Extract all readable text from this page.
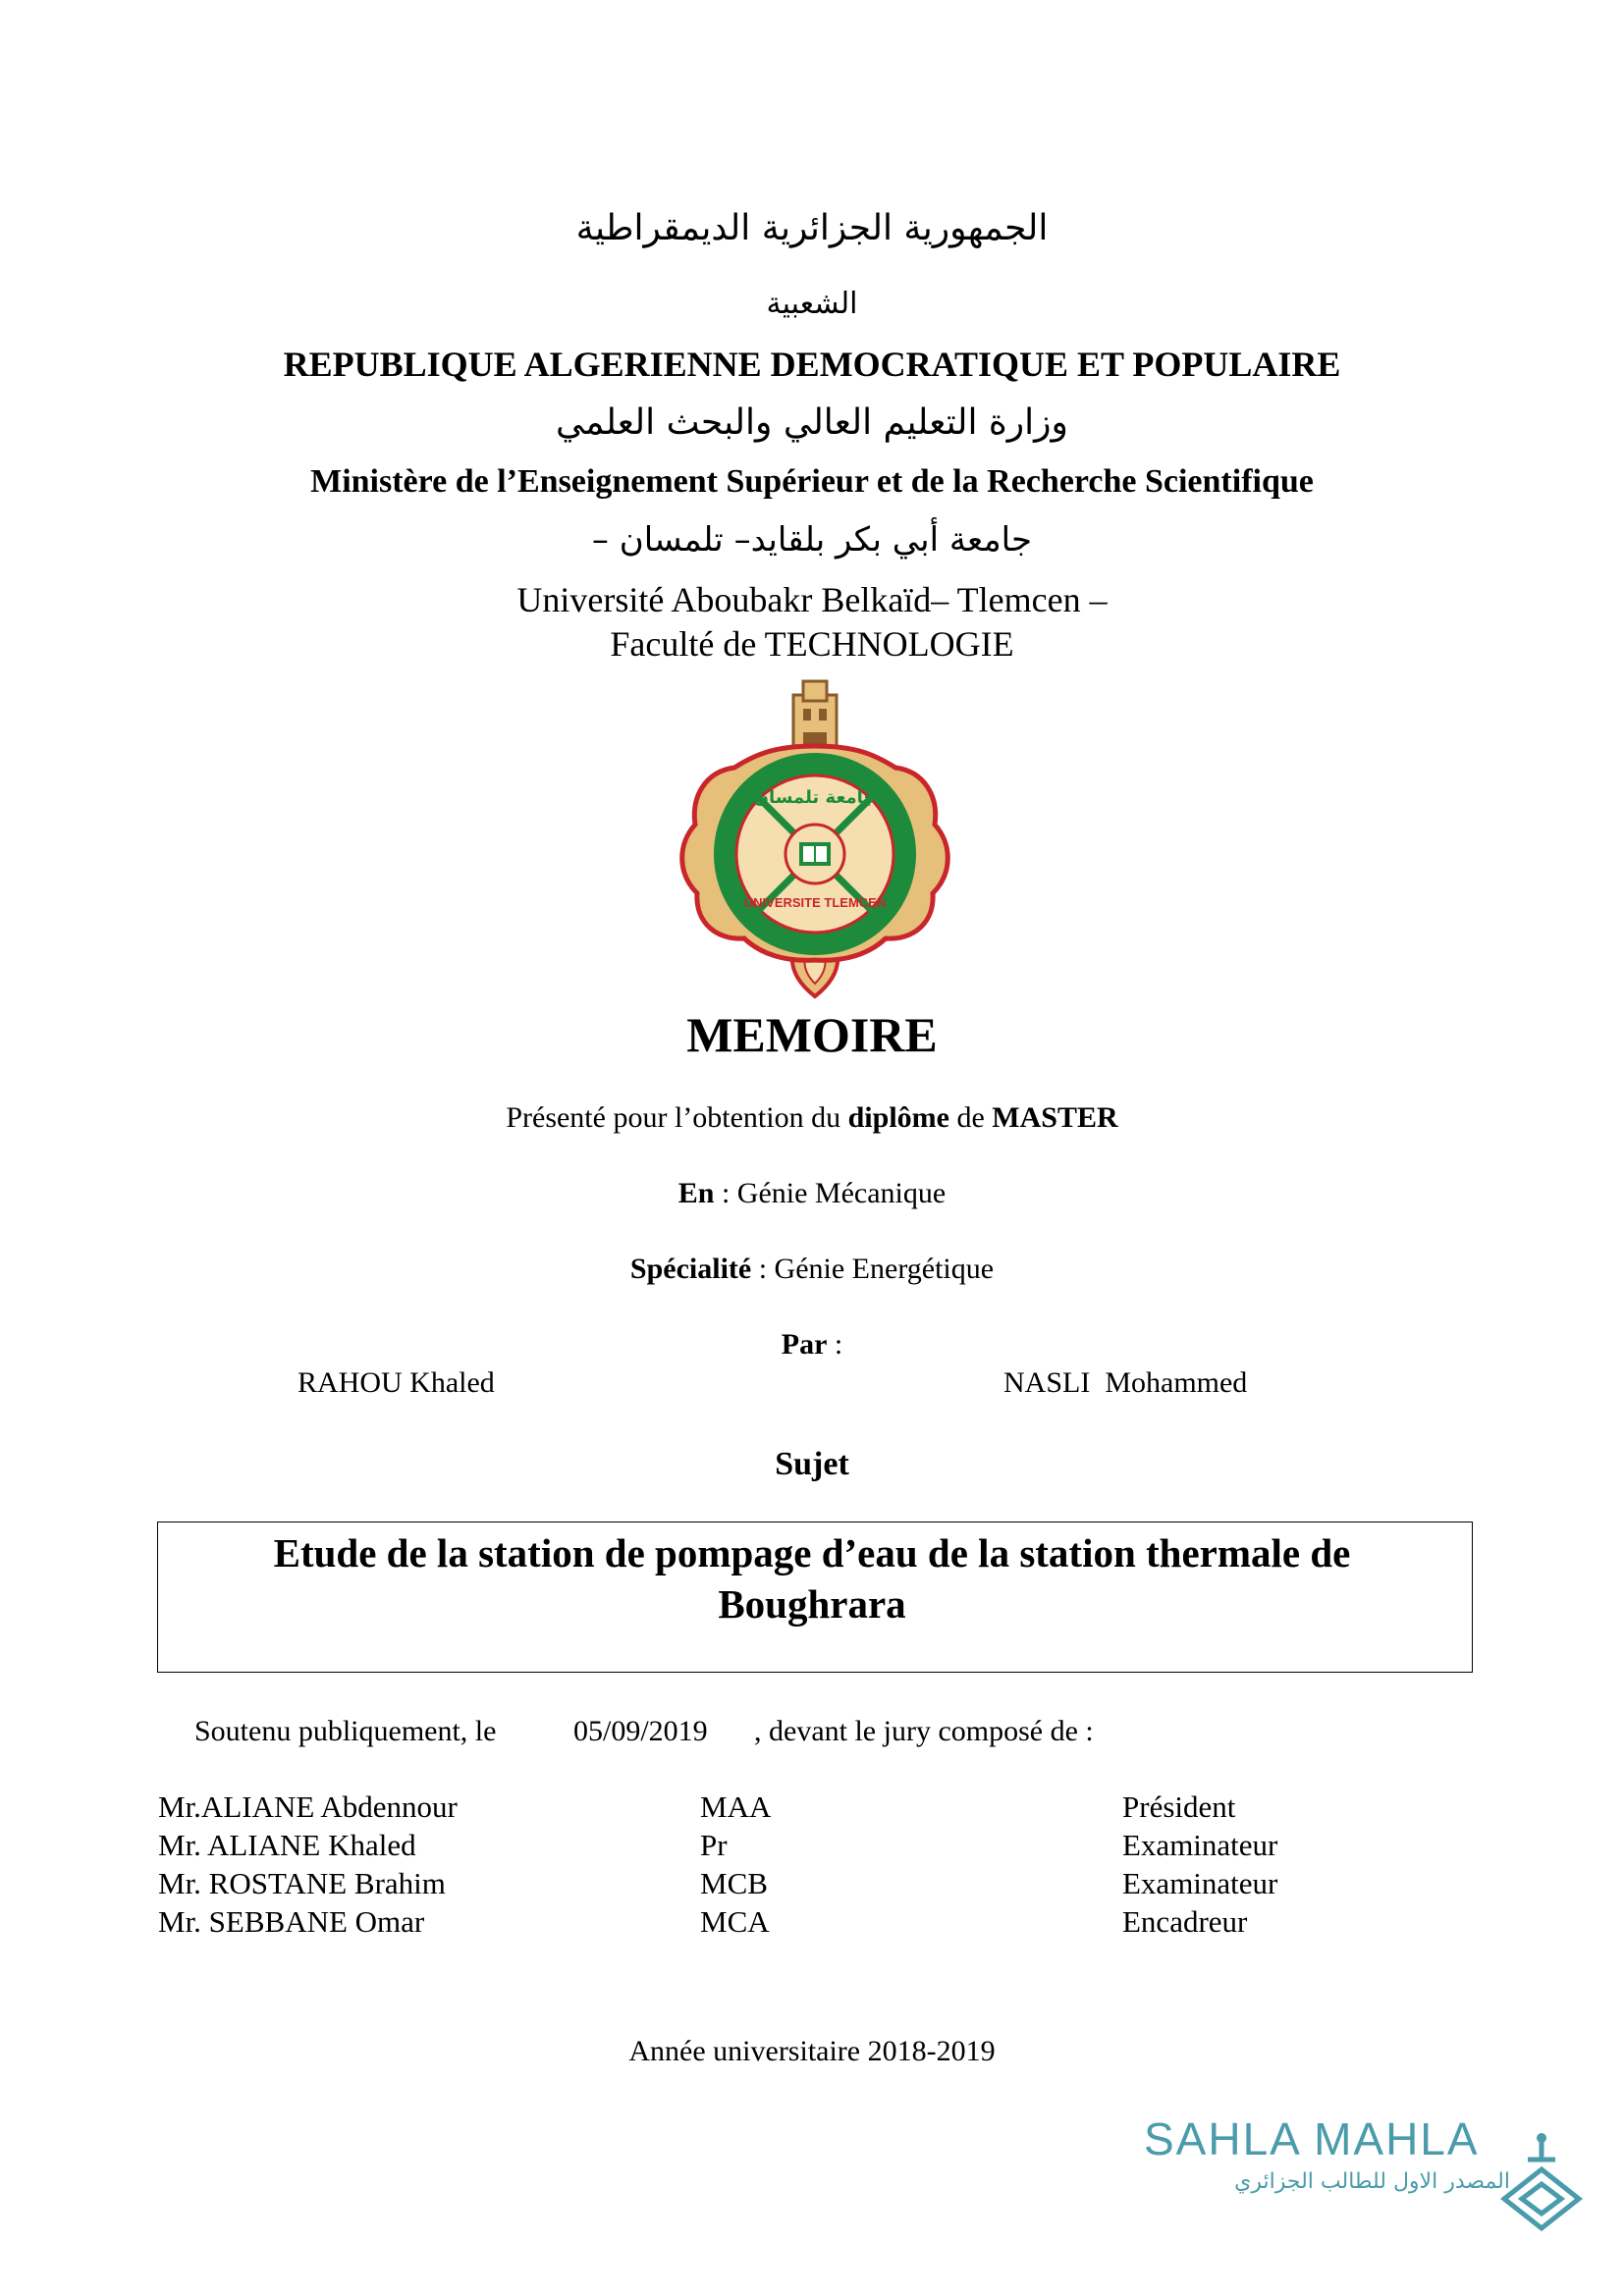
الجمهورية الجزائرية الديمقراطية
الشعبية
REPUBLIQUE ALGERIENNE DEMOCRATIQUE ET POPULAIRE
وزارة التعليم العالي والبحث العلمي
Ministère de l’Enseignement Supérieur et de la Recherche Scientifique
جامعة أبي بكر بلقايد– تلمسان –
Université Aboubakr Belkaïd– Tlemcen –
Faculté de TECHNOLOGIE
UNIVERSITE TLEMCEN
جامعة تلمسان
MEMOIRE
Présenté pour l’obtention du diplôme de MASTER
En : Génie Mécanique
Spécialité : Génie Energétique
Par :
RAHOU Khaled	NASLI  Mohammed
Sujet
Etude de la station de pompage d’eau de la station thermale de
Boughrara
Soutenu publiquement, le	05/09/2019 , devant le jury composé de :
Mr.ALIANE Abdennour	MAA	Président
Mr. ALIANE Khaled	Pr	Examinateur
Mr. ROSTANE Brahim	MCB	Examinateur
Mr. SEBBANE Omar	MCA	Encadreur
Année universitaire 2018-2019
SAHLA MAHLA
المصدر الاول للطالب الجزائري
